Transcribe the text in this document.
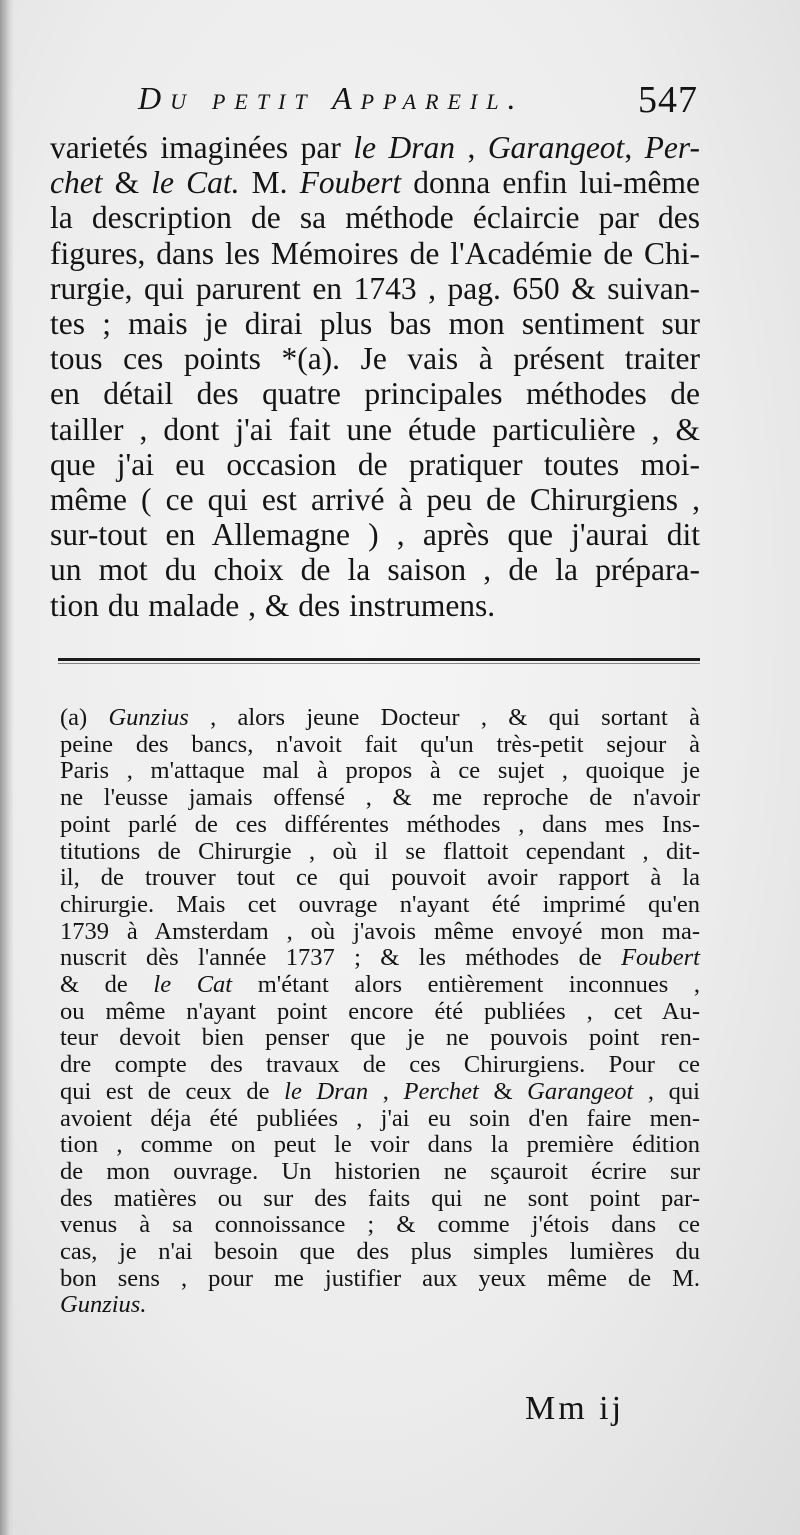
Du petit Appareil.	547
varietés imaginées par le Dran , Garangeot, Per-
chet & le Cat. M. Foubert donna enfin lui-même
la description de sa méthode éclaircie par des
figures, dans les Mémoires de l'Académie de Chi-
rurgie, qui parurent en 1743 , pag. 650 & suivan-
tes ; mais je dirai plus bas mon sentiment sur
tous ces points *(a). Je vais à présent traiter
en détail des quatre principales méthodes de
tailler , dont j'ai fait une étude particulière , &
que j'ai eu occasion de pratiquer toutes moi-
même ( ce qui est arrivé à peu de Chirurgiens ,
sur-tout en Allemagne ) , après que j'aurai dit
un mot du choix de la saison , de la prépara-
tion du malade , & des instrumens.
(a) Gunzius , alors jeune Docteur , & qui sortant à
peine des bancs, n'avoit fait qu'un très-petit sejour à
Paris , m'attaque mal à propos à ce sujet , quoique je
ne l'eusse jamais offensé , & me reproche de n'avoir
point parlé de ces différentes méthodes , dans mes Ins-
titutions de Chirurgie , où il se flattoit cependant , dit-
il, de trouver tout ce qui pouvoit avoir rapport à la
chirurgie. Mais cet ouvrage n'ayant été imprimé qu'en
1739 à Amsterdam , où j'avois même envoyé mon ma-
nuscrit dès l'année 1737 ; & les méthodes de Foubert
& de le Cat m'étant alors entièrement inconnues ,
ou même n'ayant point encore été publiées , cet Au-
teur devoit bien penser que je ne pouvois point ren-
dre compte des travaux de ces Chirurgiens. Pour ce
qui est de ceux de le Dran , Perchet & Garangeot , qui
avoient déja été publiées , j'ai eu soin d'en faire men-
tion , comme on peut le voir dans la première édition
de mon ouvrage. Un historien ne sçauroit écrire sur
des matières ou sur des faits qui ne sont point par-
venus à sa connoissance ; & comme j'étois dans ce
cas, je n'ai besoin que des plus simples lumières du
bon sens , pour me justifier aux yeux même de M.
Gunzius.
Mm ij
